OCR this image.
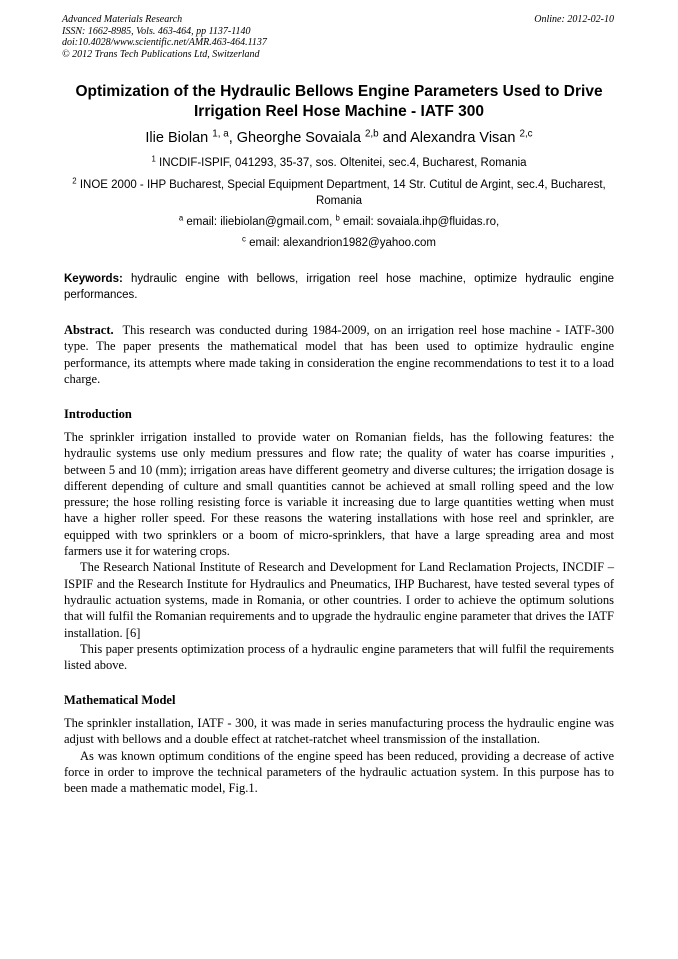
Advanced Materials Research
ISSN: 1662-8985, Vols. 463-464, pp 1137-1140
doi:10.4028/www.scientific.net/AMR.463-464.1137
© 2012 Trans Tech Publications Ltd, Switzerland
Online: 2012-02-10
Optimization of the Hydraulic Bellows Engine Parameters Used to Drive Irrigation Reel Hose Machine - IATF 300
Ilie Biolan $^{1, a}$, Gheorghe Sovaiala $^{2,b}$ and Alexandra Visan $^{2,c}$
$^1$ INCDIF-ISPIF, 041293, 35-37, sos. Oltenitei, sec.4, Bucharest, Romania
$^2$ INOE 2000 - IHP Bucharest, Special Equipment Department, 14 Str. Cutitul de Argint, sec.4, Bucharest, Romania
$^a$ email: iliebiolan@gmail.com, $^b$ email: sovaiala.ihp@fluidas.ro,
$^c$ email: alexandrion1982@yahoo.com
Keywords: hydraulic engine with bellows, irrigation reel hose machine, optimize hydraulic engine performances.
Abstract. This research was conducted during 1984-2009, on an irrigation reel hose machine - IATF-300 type. The paper presents the mathematical model that has been used to optimize hydraulic engine performance, its attempts where made taking in consideration the engine recommendations to test it to a load charge.
Introduction

The sprinkler irrigation installed to provide water on Romanian fields, has the following features: the hydraulic systems use only medium pressures and flow rate; the quality of water has coarse impurities , between 5 and 10 (mm); irrigation areas have different geometry and diverse cultures; the irrigation dosage is different depending of culture and small quantities cannot be achieved at small rolling speed and the low pressure; the hose rolling resisting force is variable it increasing due to large quantities wetting when must have a higher roller speed. For these reasons the watering installations with hose reel and sprinkler, are equipped with two sprinklers or a boom of micro-sprinklers, that have a large spreading area and most farmers use it for watering crops.

The Research National Institute of Research and Development for Land Reclamation Projects, INCDIF – ISPIF and the Research Institute for Hydraulics and Pneumatics, IHP Bucharest, have tested several types of hydraulic actuation systems, made in Romania, or other countries. I order to achieve the optimum solutions that will fulfil the Romanian requirements and to upgrade the hydraulic engine parameter that drives the IATF installation. [6]

This paper presents optimization process of a hydraulic engine parameters that will fulfil the requirements listed above.

Mathematical Model

The sprinkler installation, IATF - 300, it was made in series manufacturing process the hydraulic engine was adjust with bellows and a double effect at ratchet-ratchet wheel transmission of the installation.

As was known optimum conditions of the engine speed has been reduced, providing a decrease of active force in order to improve the technical parameters of the hydraulic actuation system. In this purpose has to been made a mathematic model, Fig.1.
